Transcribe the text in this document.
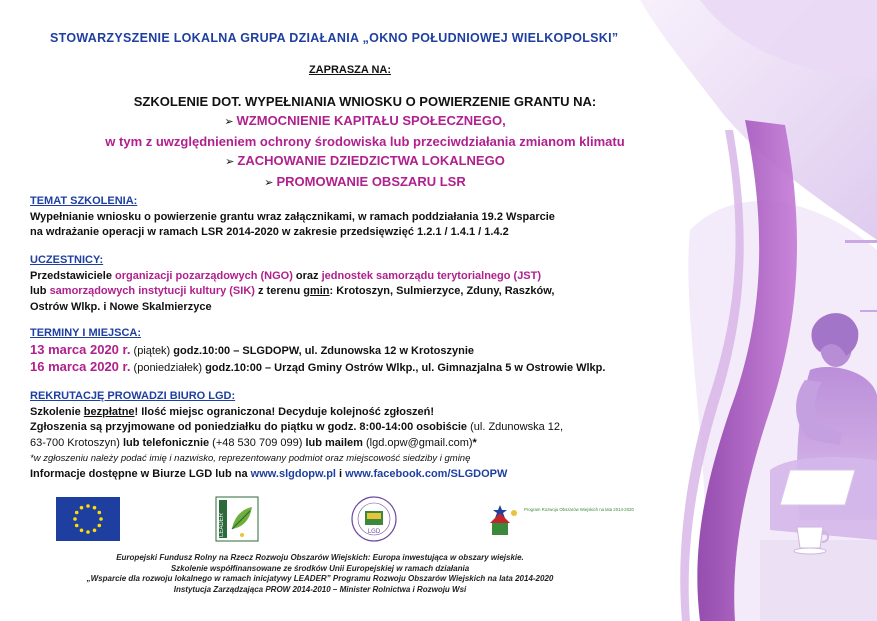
STOWARZYSZENIE LOKALNA GRUPA DZIAŁANIA „OKNO POŁUDNIOWEJ WIELKOPOLSKI”
ZAPRASZA NA:
SZKOLENIE DOT. WYPEŁNIANIA WNIOSKU O POWIERZENIE GRANTU NA:
➢ WZMOCNIENIE KAPITAŁU SPOŁECZNEGO,
w tym z uwzględnieniem ochrony środowiska lub przeciwdziałania zmianom klimatu
➢ ZACHOWANIE DZIEDZICTWA LOKALNEGO
➢ PROMOWANIE OBSZARU LSR
TEMAT SZKOLENIA:
Wypełnianie wniosku o powierzenie grantu wraz załącznikami, w ramach poddziałania 19.2 Wsparcie
na wdrażanie operacji w ramach LSR 2014-2020 w zakresie przedsięwzięć 1.2.1 / 1.4.1 / 1.4.2
UCZESTNICY:
Przedstawiciele organizacji pozarządowych (NGO) oraz jednostek samorządu terytorialnego (JST)
lub samorządowych instytucji kultury (SIK) z terenu gmin: Krotoszyn, Sulmierzyce, Zduny, Raszków,
Ostrów Wlkp. i Nowe Skalmierzyce
TERMINY I MIEJSCA:
13 marca 2020 r. (piątek) godz.10:00 – SLGDOPW, ul. Zdunowska 12 w Krotoszynie
16 marca 2020 r. (poniedziałek) godz.10:00 – Urząd Gminy Ostrów Wlkp., ul. Gimnazjalna 5 w Ostrowie Wlkp.
REKRUTACJĘ PROWADZI BIURO LGD:
Szkolenie bezpłatne! Ilość miejsc ograniczona! Decyduje kolejność zgłoszeń!
Zgłoszenia są przyjmowane od poniedziałku do piątku w godz. 8:00-14:00 osobiście (ul. Zdunowska 12,
63-700 Krotoszyn) lub telefonicznie (+48 530 709 099) lub mailem (lgd.opw@gmail.com)*
*w zgłoszeniu należy podać imię i nazwisko, reprezentowany podmiot oraz miejscowość siedziby i gminę
Informacje dostępne w Biurze LGD lub na www.slgdopw.pl i www.facebook.com/SLGDOPW
LEADER	LGD
Program Rozwoju Obszarów Wiejskich na lata 2014-2020
Europejski Fundusz Rolny na Rzecz Rozwoju Obszarów Wiejskich: Europa inwestująca w obszary wiejskie.
Szkolenie współfinansowane ze środków Unii Europejskiej w ramach działania
„Wsparcie dla rozwoju lokalnego w ramach inicjatywy LEADER” Programu Rozwoju Obszarów Wiejskich na lata 2014-2020
Instytucja Zarządzająca PROW 2014-2010 – Minister Rolnictwa i Rozwoju Wsi
